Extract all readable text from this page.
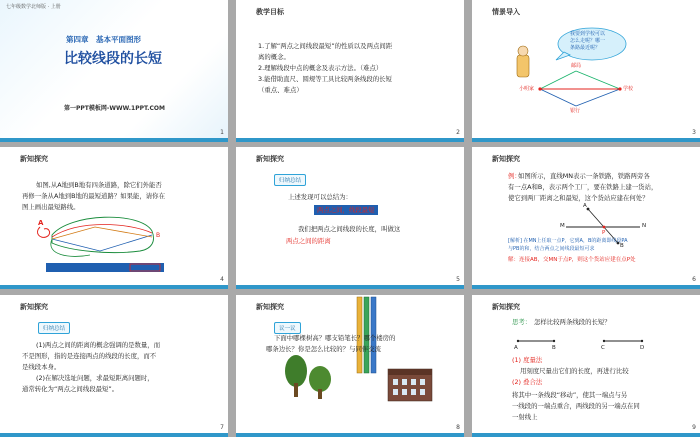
七年级数学北师版 · 上册
第四章　基本平面图形
比较线段的长短
第一PPT模板网-WWW.1PPT.COM
1
教学目标
1.了解“两点之间线段最短”的性质以及两点间距
离的概念。
2.理解线段中点的概念及表示方法。（难点）
3.能借助直尺、圆规等工具比较两条线段的长短
（重点、难点）
2
情景导入
我要到学校可以
怎么走呢？哪一
条路最近呢？
邮局
小明家	学校
银行
3
新知探究
如图,从A地到B地有四条道路，除它们外能否
再修一条从A地到B地的最短道路？如果能，请你在
图上画出最短路线。
A
B
4
新知探究
归纳总结
上述发现可以总结为：
两点之间，线段最短
我们把两点之间线段的长度，叫做这
两点之间的距离
5
新知探究
例：
如图所示，直线MN表示一条铁路，铁路两旁各
有一点A和B，表示两个工厂，要在铁路上建一货站，
使它到两厂距离之和最短，这个货站应建在何处？
M	N
A
B
P
[解析] 在MN上任取一点P，它到A，B的距离即线段PA
与PB的和，结合两点之间线段最短可求
解：连接AB，交MN于点P，则这个货站应建在点P处
6
新知探究
归纳总结
(1)两点之间的距离的概念强调的是数量，而
不是图形，指的是连接两点的线段的长度，而不
是线段本身。
(2)在解决选址问题，求最短距离问题时，
通常转化为“两点之间线段最短”。
7
新知探究
议一议
下面中哪棵树高？哪支铅笔长？哪个楼房的
哪条边长？你是怎么比较的？与同伴交流
8
新知探究
思考： 怎样比较两条线段的长短？
A	B	C	D
(1) 度量法
用刻度尺量出它们的长度，再进行比较
(2) 叠合法
将其中一条线段“移动”，使其一端点与另
一线段的一端点重合，两线段的另一端点在同
一射线上
9
